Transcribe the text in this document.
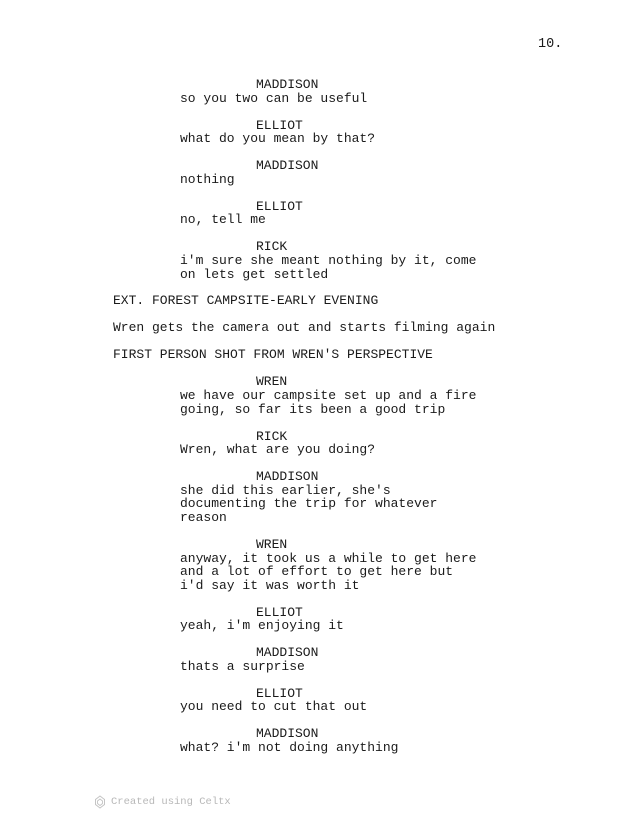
10.
MADDISON
so you two can be useful
ELLIOT
what do you mean by that?
MADDISON
nothing
ELLIOT
no, tell me
RICK
i'm sure she meant nothing by it, come
on lets get settled
EXT. FOREST CAMPSITE-EARLY EVENING
Wren gets the camera out and starts filming again
FIRST PERSON SHOT FROM WREN'S PERSPECTIVE
WREN
we have our campsite set up and a fire
going, so far its been a good trip
RICK
Wren, what are you doing?
MADDISON
she did this earlier, she's
documenting the trip for whatever
reason
WREN
anyway, it took us a while to get here
and a lot of effort to get here but
i'd say it was worth it
ELLIOT
yeah, i'm enjoying it
MADDISON
thats a surprise
ELLIOT
you need to cut that out
MADDISON
what? i'm not doing anything
Created using Celtx
